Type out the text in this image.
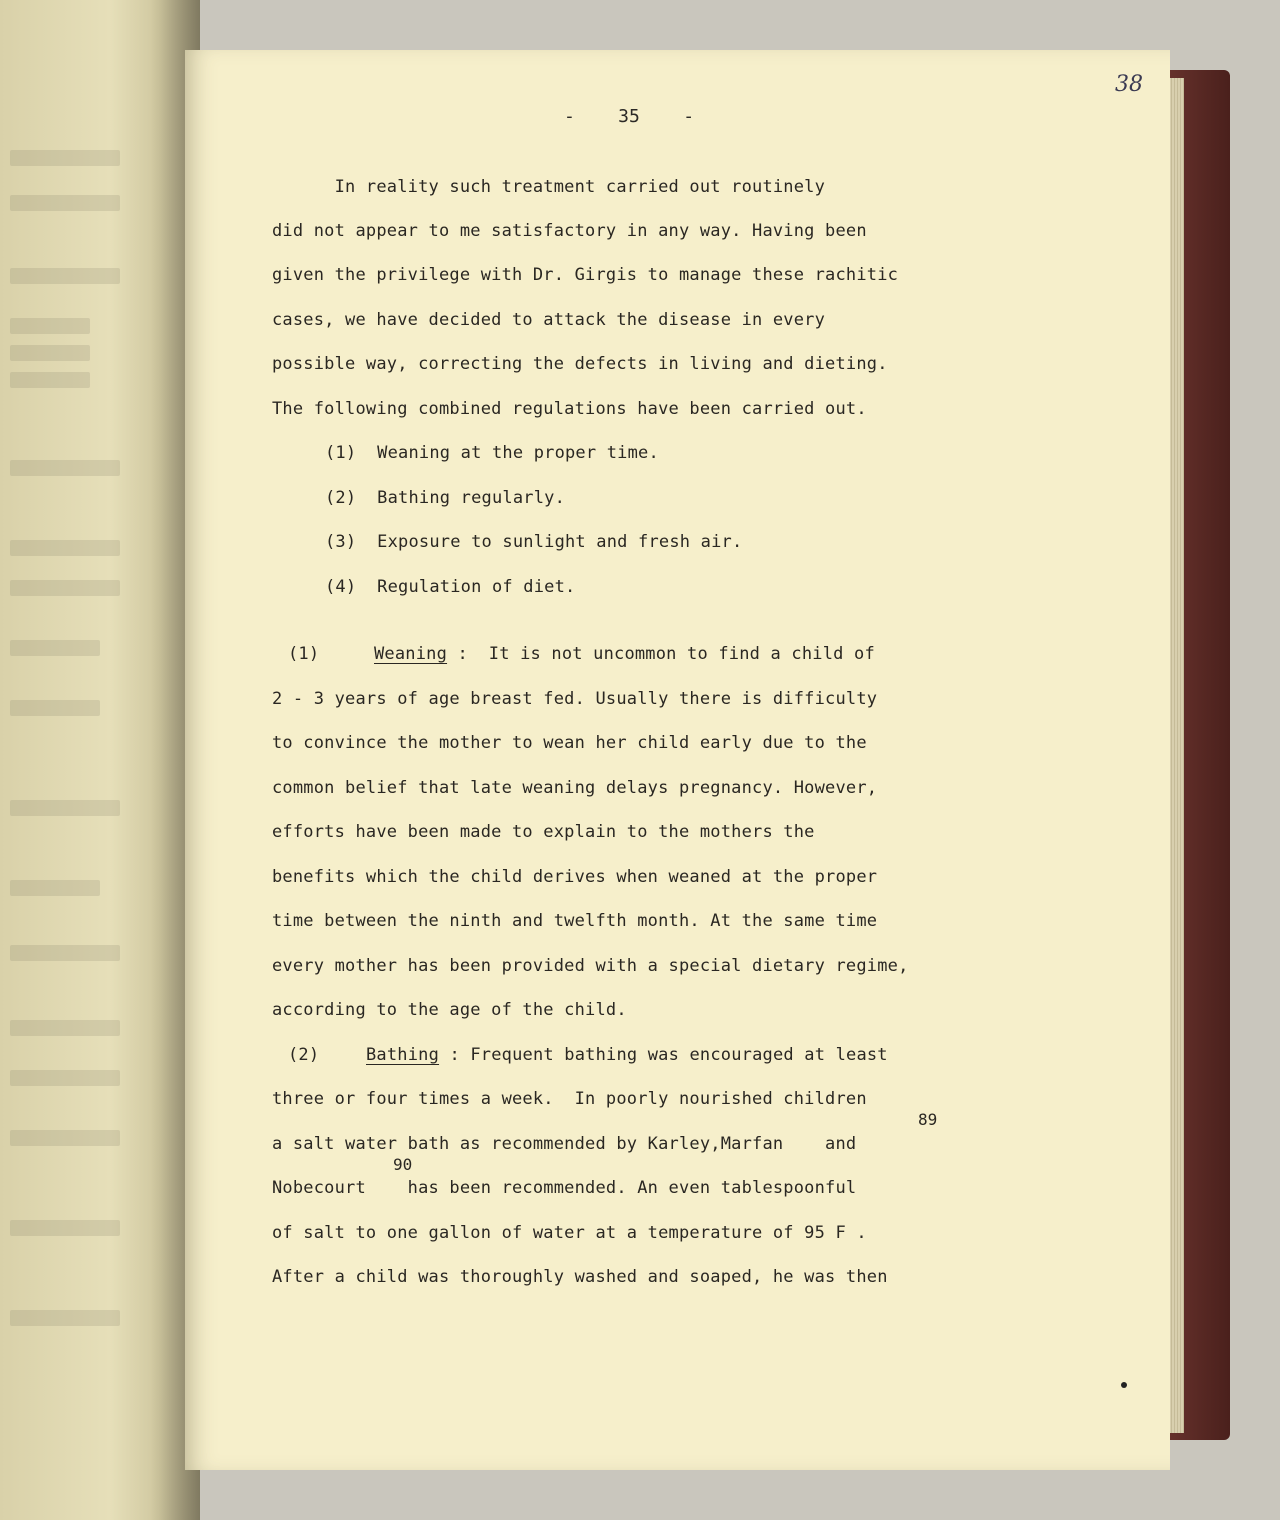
38
-    35    -
In reality such treatment carried out routinely
did not appear to me satisfactory in any way. Having been
given the privilege with Dr. Girgis to manage these rachitic
cases, we have decided to attack the disease in every
possible way, correcting the defects in living and dieting.
The following combined regulations have been carried out.
(1)  Weaning at the proper time.
(2)  Bathing regularly.
(3)  Exposure to sunlight and fresh air.
(4)  Regulation of diet.
(1)	Weaning :  It is not uncommon to find a child of
2 - 3 years of age breast fed. Usually there is difficulty
to convince the mother to wean her child early due to the
common belief that late weaning delays pregnancy. However,
efforts have been made to explain to the mothers the
benefits which the child derives when weaned at the proper
time between the ninth and twelfth month. At the same time
every mother has been provided with a special dietary regime,
according to the age of the child.
(2)	Bathing : Frequent bathing was encouraged at least
three or four times a week.  In poorly nourished children
89
a salt water bath as recommended by Karley,Marfan    and
90
Nobecourt    has been recommended. An even tablespoonful
of salt to one gallon of water at a temperature of 95 F .
After a child was thoroughly washed and soaped, he was then
